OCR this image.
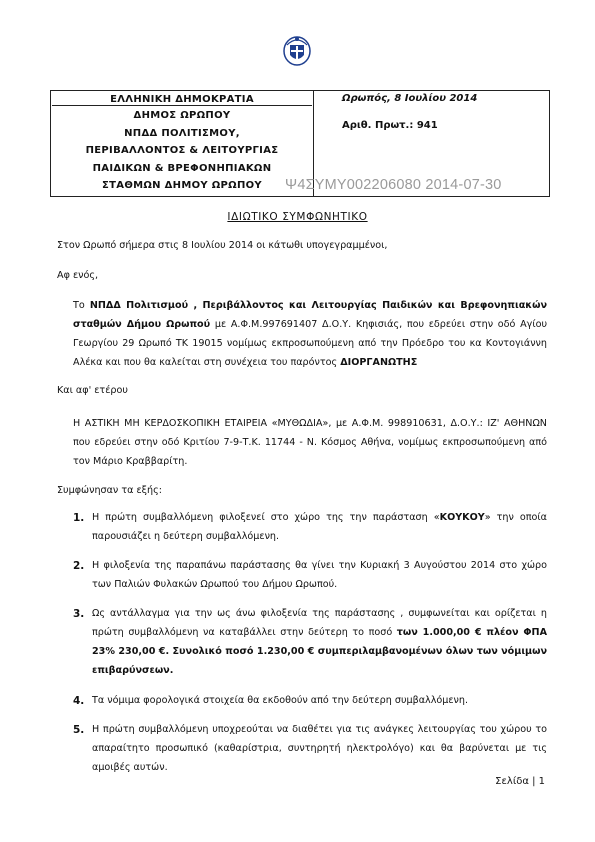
ΕΛΛΗΝΙΚΗ ΔΗΜΟΚΡΑΤΙΑ
ΔΗΜΟΣ ΩΡΩΠΟΥ
ΝΠΔΔ ΠΟΛΙΤΙΣΜΟΥ,
ΠΕΡΙΒΑΛΛΟΝΤΟΣ & ΛΕΙΤΟΥΡΓΙΑΣ
ΠΑΙΔΙΚΩΝ & ΒΡΕΦΟΝΗΠΙΑΚΩΝ
ΣΤΑΘΜΩΝ ΔΗΜΟΥ ΩΡΩΠΟΥ

Ωρωπός, 8 Ιουλίου 2014
Αριθ. Πρωτ.: 941
Ψ4ΣΥΜΥ002206080 2014-07-30
ΙΔΙΩΤΙΚΟ ΣΥΜΦΩΝΗΤΙΚΟ
Στον Ωρωπό σήμερα στις 8 Ιουλίου 2014 οι κάτωθι υπογεγραμμένοι,
Αφ ενός,
Το ΝΠΔΔ Πολιτισμού , Περιβάλλοντος και Λειτουργίας Παιδικών και Βρεφονηπιακών σταθμών Δήμου Ωρωπού με Α.Φ.Μ.997691407 Δ.Ο.Υ. Κηφισιάς, που εδρεύει στην οδό Αγίου Γεωργίου 29 Ωρωπό ΤΚ 19015 νομίμως εκπροσωπούμενη από την Πρόεδρο του κα Κοντογιάννη Αλέκα και που θα καλείται στη συνέχεια του παρόντος ΔΙΟΡΓΑΝΩΤΗΣ
Και αφ' ετέρου
Η ΑΣΤΙΚΗ ΜΗ ΚΕΡΔΟΣΚΟΠΙΚΗ ΕΤΑΙΡΕΙΑ «ΜΥΘΩΔΙΑ», με Α.Φ.Μ. 998910631, Δ.Ο.Υ.: ΙΖ' ΑΘΗΝΩΝ που εδρεύει στην οδό Κριτίου 7-9-Τ.Κ. 11744 - Ν. Κόσμος Αθήνα, νομίμως εκπροσωπούμενη από τον Μάριο Κραββαρίτη.
Συμφώνησαν τα εξής:
1. Η πρώτη συμβαλλόμενη φιλοξενεί στο χώρο της την παράσταση «ΚΟΥΚΟΥ» την οποία παρουσιάζει η δεύτερη συμβαλλόμενη.
2. Η φιλοξενία της παραπάνω παράστασης θα γίνει την Κυριακή 3 Αυγούστου 2014 στο χώρο των Παλιών Φυλακών Ωρωπού του Δήμου Ωρωπού.
3. Ως αντάλλαγμα για την ως άνω φιλοξενία της παράστασης , συμφωνείται και ορίζεται η πρώτη συμβαλλόμενη να καταβάλλει στην δεύτερη το ποσό των 1.000,00 € πλέον ΦΠΑ 23% 230,00 €. Συνολικό ποσό 1.230,00 € συμπεριλαμβανομένων όλων των νόμιμων επιβαρύνσεων.
4. Τα νόμιμα φορολογικά στοιχεία θα εκδοθούν από την δεύτερη συμβαλλόμενη.
5. Η πρώτη συμβαλλόμενη υποχρεούται να διαθέτει για τις ανάγκες λειτουργίας του χώρου το απαραίτητο προσωπικό (καθαρίστρια, συντηρητή ηλεκτρολόγο) και θα βαρύνεται με τις αμοιβές αυτών.
Σελίδα | 1
